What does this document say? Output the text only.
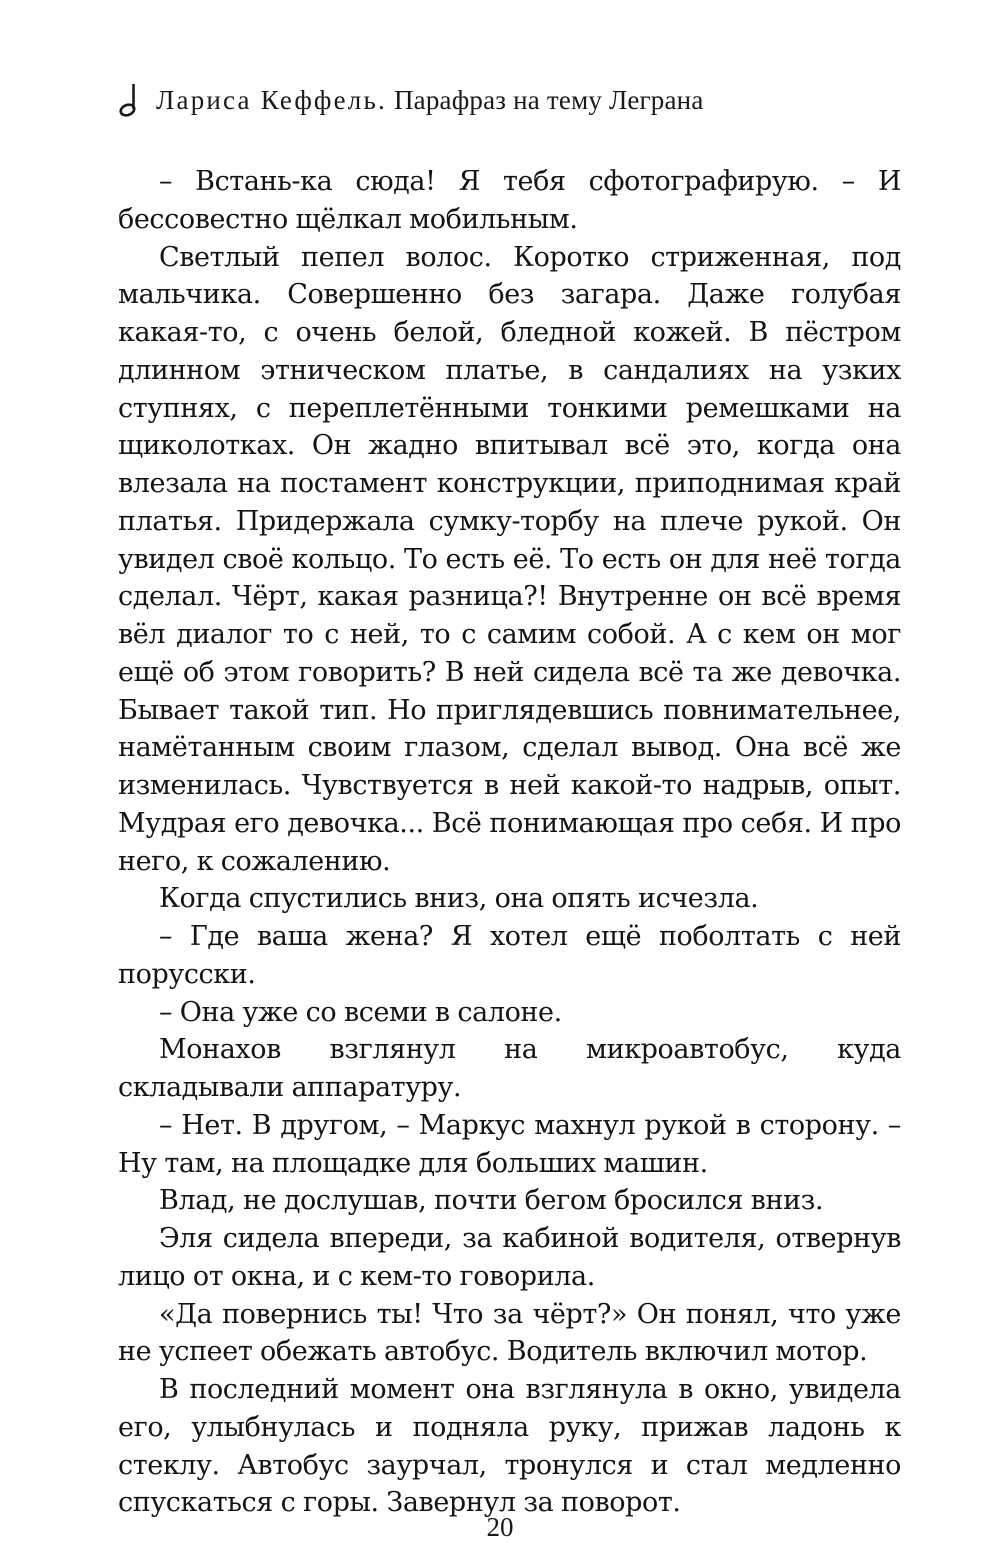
Лариса Кеффель. Парафраз на тему Леграна

– Встань-ка сюда! Я тебя сфотографирую. – И бессовестно щёлкал мобильным.

Светлый пепел волос. Коротко стриженная, под мальчика. Совершенно без загара. Даже голубая какая-то, с очень белой, бледной кожей. В пёстром длинном этническом платье, в сандалиях на узких ступнях, с переплетёнными тонкими ремешками на щиколотках. Он жадно впитывал всё это, когда она влезала на постамент конструкции, приподнимая край платья. Придержала сумку-торбу на плече рукой. Он увидел своё кольцо. То есть её. То есть он для неё тогда сделал. Чёрт, какая разница?! Внутренне он всё время вёл диалог то с ней, то с самим собой. А с кем он мог ещё об этом говорить? В ней сидела всё та же девочка. Бывает такой тип. Но приглядевшись повнимательнее, намётанным своим глазом, сделал вывод. Она всё же изменилась. Чувствуется в ней какой-то надрыв, опыт. Мудрая его девочка... Всё понимающая про себя. И про него, к сожалению.

Когда спустились вниз, она опять исчезла.

– Где ваша жена? Я хотел ещё поболтать с ней порусски.

– Она уже со всеми в салоне.

Монахов взглянул на микроавтобус, куда складывали аппаратуру.

– Нет. В другом, – Маркус махнул рукой в сторону. – Ну там, на площадке для больших машин.

Влад, не дослушав, почти бегом бросился вниз.

Эля сидела впереди, за кабиной водителя, отвернув лицо от окна, и с кем-то говорила.

«Да повернись ты! Что за чёрт?» Он понял, что уже не успеет обежать автобус. Водитель включил мотор.

В последний момент она взглянула в окно, увидела его, улыбнулась и подняла руку, прижав ладонь к стеклу. Автобус заурчал, тронулся и стал медленно спускаться с горы. Завернул за поворот.

20
